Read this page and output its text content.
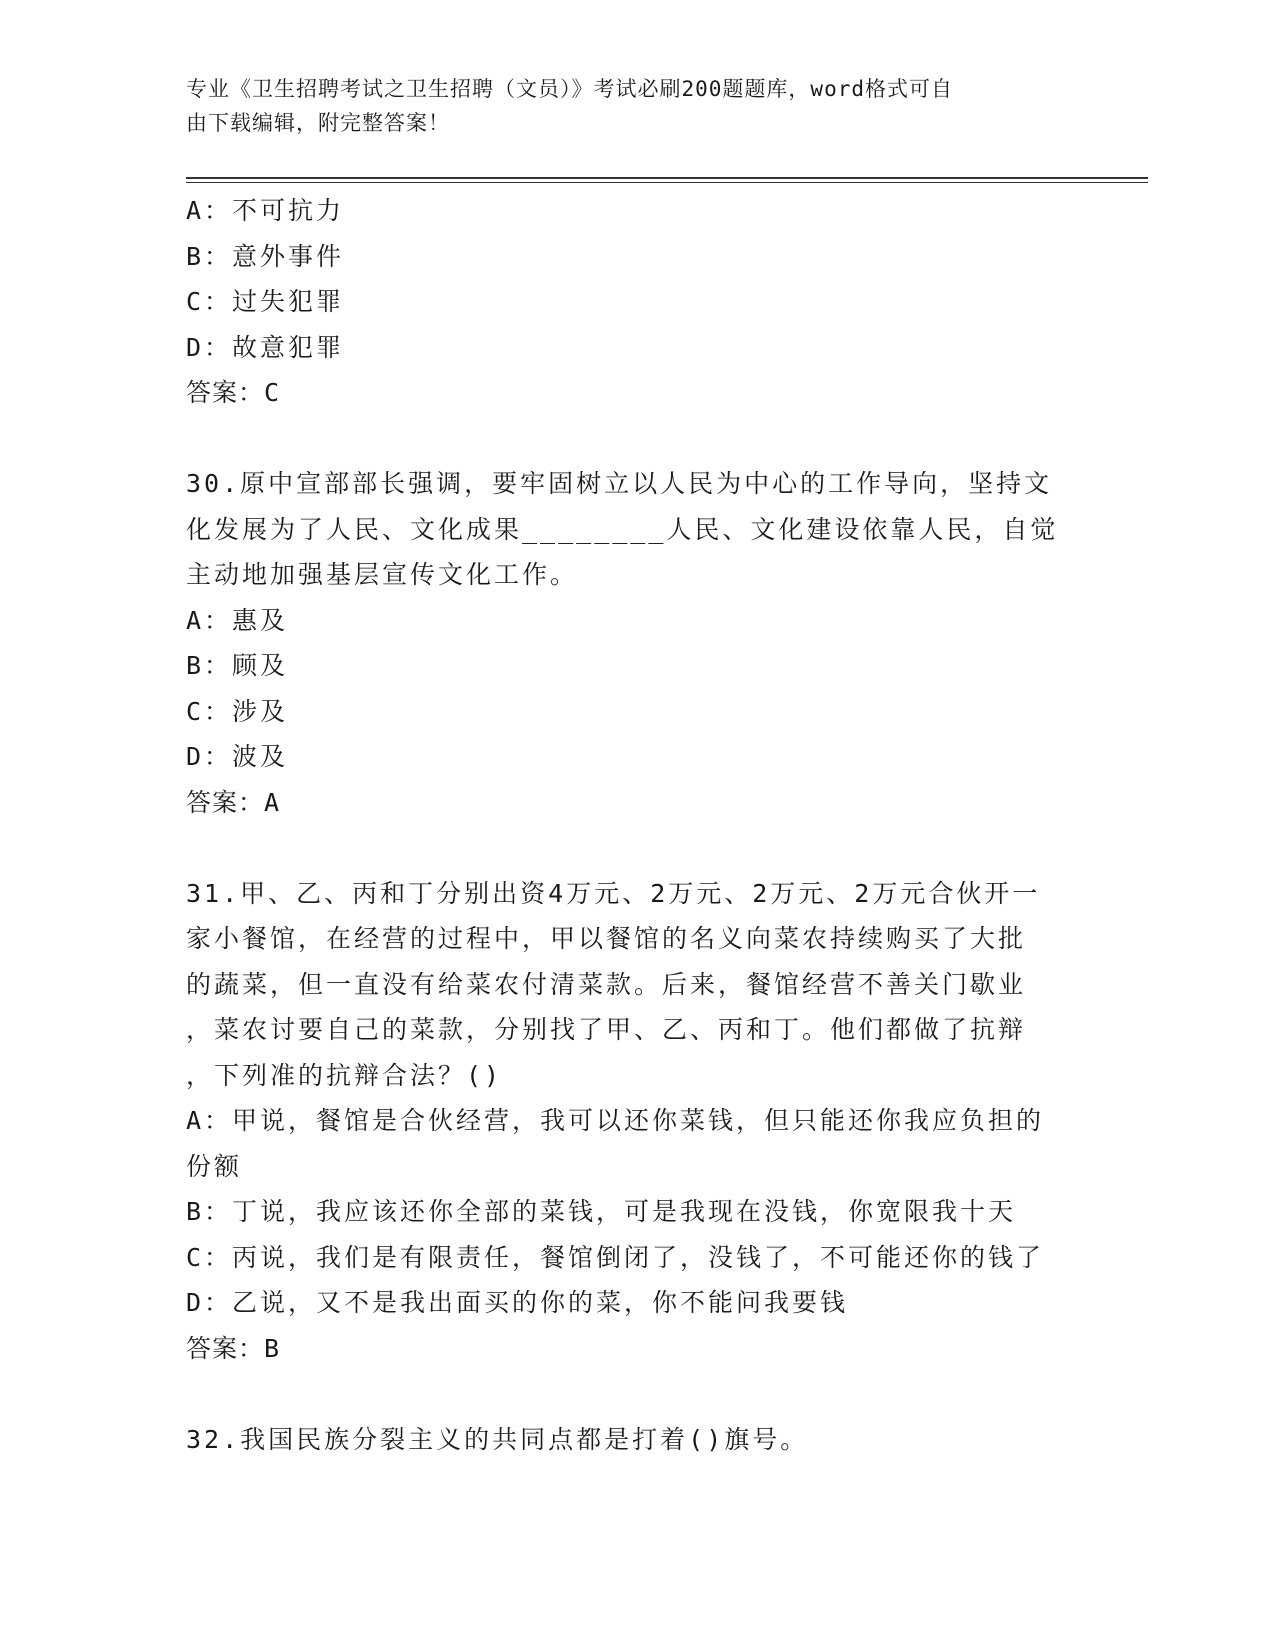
专业《卫生招聘考试之卫生招聘（文员）》考试必刷200题题库，word格式可自
由下载编辑，附完整答案！
A：不可抗力
B：意外事件
C：过失犯罪
D：故意犯罪
答案：C
30.原中宣部部长强调，要牢固树立以人民为中心的工作导向，坚持文
化发展为了人民、文化成果________人民、文化建设依靠人民，自觉
主动地加强基层宣传文化工作。
A：惠及
B：顾及
C：涉及
D：波及
答案：A
31.甲、乙、丙和丁分别出资4万元、2万元、2万元、2万元合伙开一
家小餐馆，在经营的过程中，甲以餐馆的名义向菜农持续购买了大批
的蔬菜，但一直没有给菜农付清菜款。后来，餐馆经营不善关门歇业
，菜农讨要自己的菜款，分别找了甲、乙、丙和丁。他们都做了抗辩
，下列准的抗辩合法？()
A：甲说，餐馆是合伙经营，我可以还你菜钱，但只能还你我应负担的
份额
B：丁说，我应该还你全部的菜钱，可是我现在没钱，你宽限我十天
C：丙说，我们是有限责任，餐馆倒闭了，没钱了，不可能还你的钱了
D：乙说，又不是我出面买的你的菜，你不能问我要钱
答案：B
32.我国民族分裂主义的共同点都是打着()旗号。
